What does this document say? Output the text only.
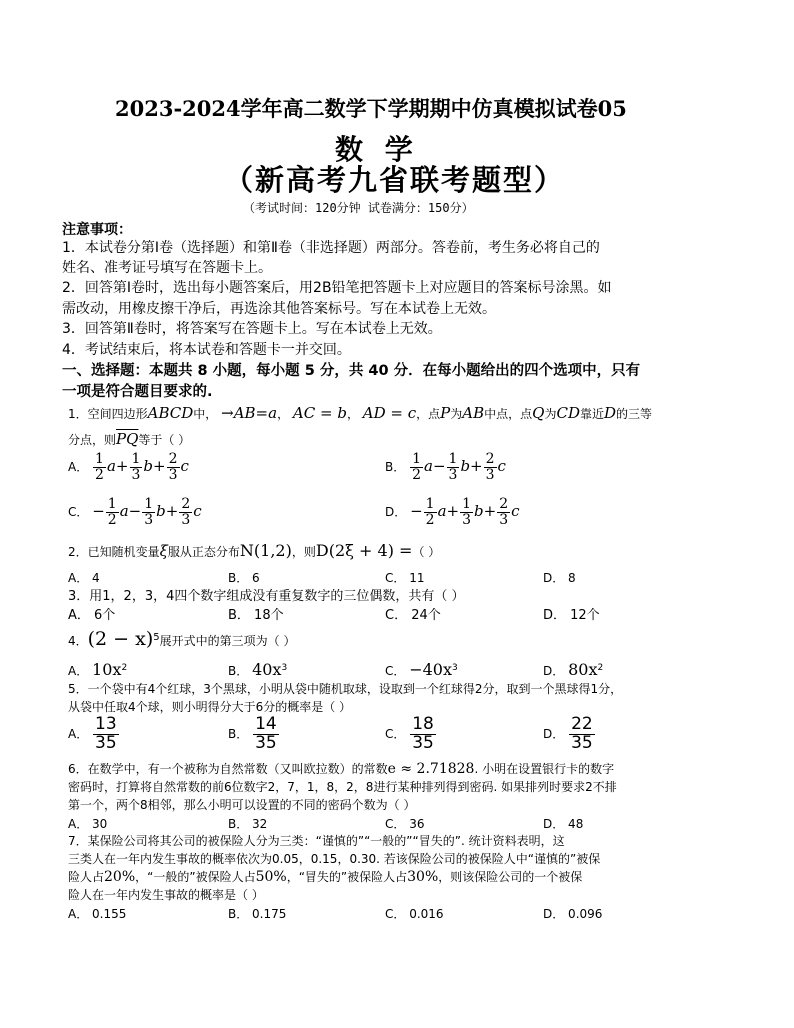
2023-2024学年高二数学下学期期中仿真模拟试卷05
数 学
（新高考九省联考题型）
（考试时间：120分钟 试卷满分：150分）
注意事项：
1．本试卷分第Ⅰ卷（选择题）和第Ⅱ卷（非选择题）两部分。答卷前，考生务必将自己的
姓名、准考证号填写在答题卡上。
2．回答第Ⅰ卷时，选出每小题答案后，用2B铅笔把答题卡上对应题目的答案标号涂黑。如
需改动，用橡皮擦干净后，再选涂其他答案标号。写在本试卷上无效。
3．回答第Ⅱ卷时，将答案写在答题卡上。写在本试卷上无效。
4．考试结束后，将本试卷和答题卡一并交回。
一、选择题：本题共 8 小题，每小题 5 分，共 40 分．在每小题给出的四个选项中，只有
一项是符合题目要求的.
1．空间四边形ABCD中， →AB=a， AC = b， AD = c，点P为AB中点，点Q为CD靠近D的三等
分点，则$\overline{PQ}$等于（ ）
A． $\frac{1}{2} a+ \frac{1}{3} b+ \frac{2}{3}$ c	B． $\frac{1}{2} a- \frac{1}{3} b+ \frac{2}{3}$ c
C． − $\frac{1}{2} a- \frac{1}{3} b+ \frac{2}{3}$ c	D． − $\frac{1}{2} a+ \frac{1}{3} b+ \frac{2}{3}$ c
2．已知随机变量ξ服从正态分布N(1,2)，则D(2ξ + 4) =（ ）
A． 4	B． 6	C． 11	D． 8
3．用1，2，3，4四个数字组成没有重复数字的三位偶数，共有（ ）
A． 6个	B． 18个	C． 24个	D． 12个
4．$(2 - x)^5$展开式中的第三项为（ ）
A． $10x^2$	B． $40x^3$	C． $-40x^3$	D． $80x^2$
5．一个袋中有4个红球，3个黑球，小明从袋中随机取球，设取到一个红球得2分，取到一个黑球得1分，
从袋中任取4个球，则小明得分大于6分的概率是（ ）
A． $\frac{13}{35}$	B． $\frac{14}{35}$	C． $\frac{18}{35}$	D． $\frac{22}{35}$
6．在数学中，有一个被称为自然常数（又叫欧拉数）的常数e ≈ 2.71828. 小明在设置银行卡的数字
密码时，打算将自然常数的前6位数字2，7，1，8，2，8进行某种排列得到密码. 如果排列时要求2不排
第一个，两个8相邻，那么小明可以设置的不同的密码个数为（ ）
A． 30	B． 32	C． 36	D． 48
7．某保险公司将其公司的被保险人分为三类：“谨慎的”“一般的”“冒失的”. 统计资料表明，这
三类人在一年内发生事故的概率依次为0.05，0.15，0.30. 若该保险公司的被保险人中“谨慎的”被保
险人占20%，“一般的”被保险人占50%，“冒失的”被保险人占30%，则该保险公司的一个被保
险人在一年内发生事故的概率是（ ）
A． 0.155	B． 0.175	C． 0.016	D． 0.096
